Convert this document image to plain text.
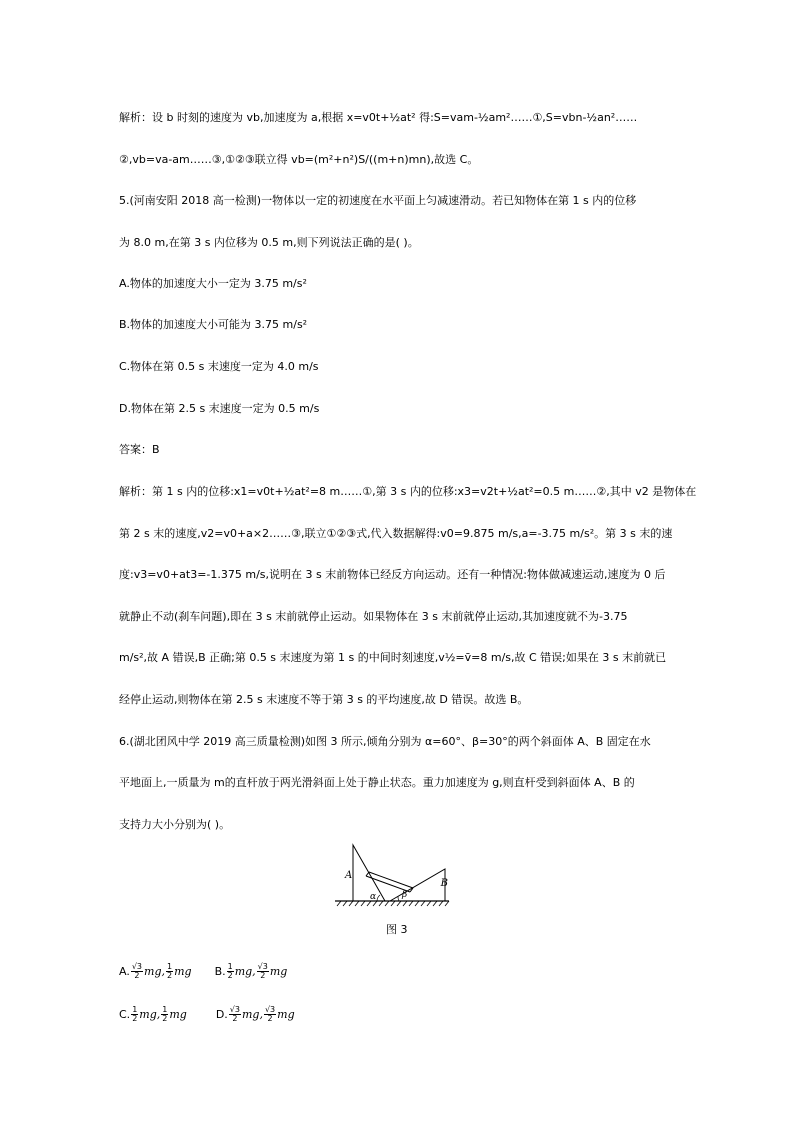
解析：设 b 时刻的速度为 vb,加速度为 a,根据 x=v0t+½at² 得:S=vam-½am²……①,S=vbn-½an²……
②,vb=va-am……③,①②③联立得 vb=(m²+n²)S/((m+n)mn),故选 C。
5.(河南安阳 2018 高一检测)一物体以一定的初速度在水平面上匀减速滑动。若已知物体在第 1 s 内的位移
为 8.0 m,在第 3 s 内位移为 0.5 m,则下列说法正确的是( )。
A.物体的加速度大小一定为 3.75 m/s²
B.物体的加速度大小可能为 3.75 m/s²
C.物体在第 0.5 s 末速度一定为 4.0 m/s
D.物体在第 2.5 s 末速度一定为 0.5 m/s
答案：B
解析：第 1 s 内的位移:x1=v0t+½at²=8 m……①,第 3 s 内的位移:x3=v2t+½at²=0.5 m……②,其中 v2 是物体在
第 2 s 末的速度,v2=v0+a×2……③,联立①②③式,代入数据解得:v0=9.875 m/s,a=-3.75 m/s²。第 3 s 末的速
度:v3=v0+at3=-1.375 m/s,说明在 3 s 末前物体已经反方向运动。还有一种情况:物体做减速运动,速度为 0 后
就静止不动(刹车问题),即在 3 s 末前就停止运动。如果物体在 3 s 末前就停止运动,其加速度就不为-3.75
m/s²,故 A 错误,B 正确;第 0.5 s 末速度为第 1 s 的中间时刻速度,v½=v̄=8 m/s,故 C 错误;如果在 3 s 末前就已
经停止运动,则物体在第 2.5 s 末速度不等于第 3 s 的平均速度,故 D 错误。故选 B。
6.(湖北团风中学 2019 高三质量检测)如图 3 所示,倾角分别为 α=60°、β=30°的两个斜面体 A、B 固定在水
平地面上,一质量为 m的直杆放于两光滑斜面上处于静止状态。重力加速度为 g,则直杆受到斜面体 A、B 的
支持力大小分别为( )。
A
B
α	β
图 3
A. $\frac{√3}{2}$ mg, $\frac{1}{2}$ mg B. $\frac{1}{2}$ mg, $\frac{√3}{2}$ mg
C. $\frac{1}{2}$ mg, $\frac{1}{2}$ mg	D. $\frac{√3}{2}$ mg, $\frac{√3}{2}$ mg
